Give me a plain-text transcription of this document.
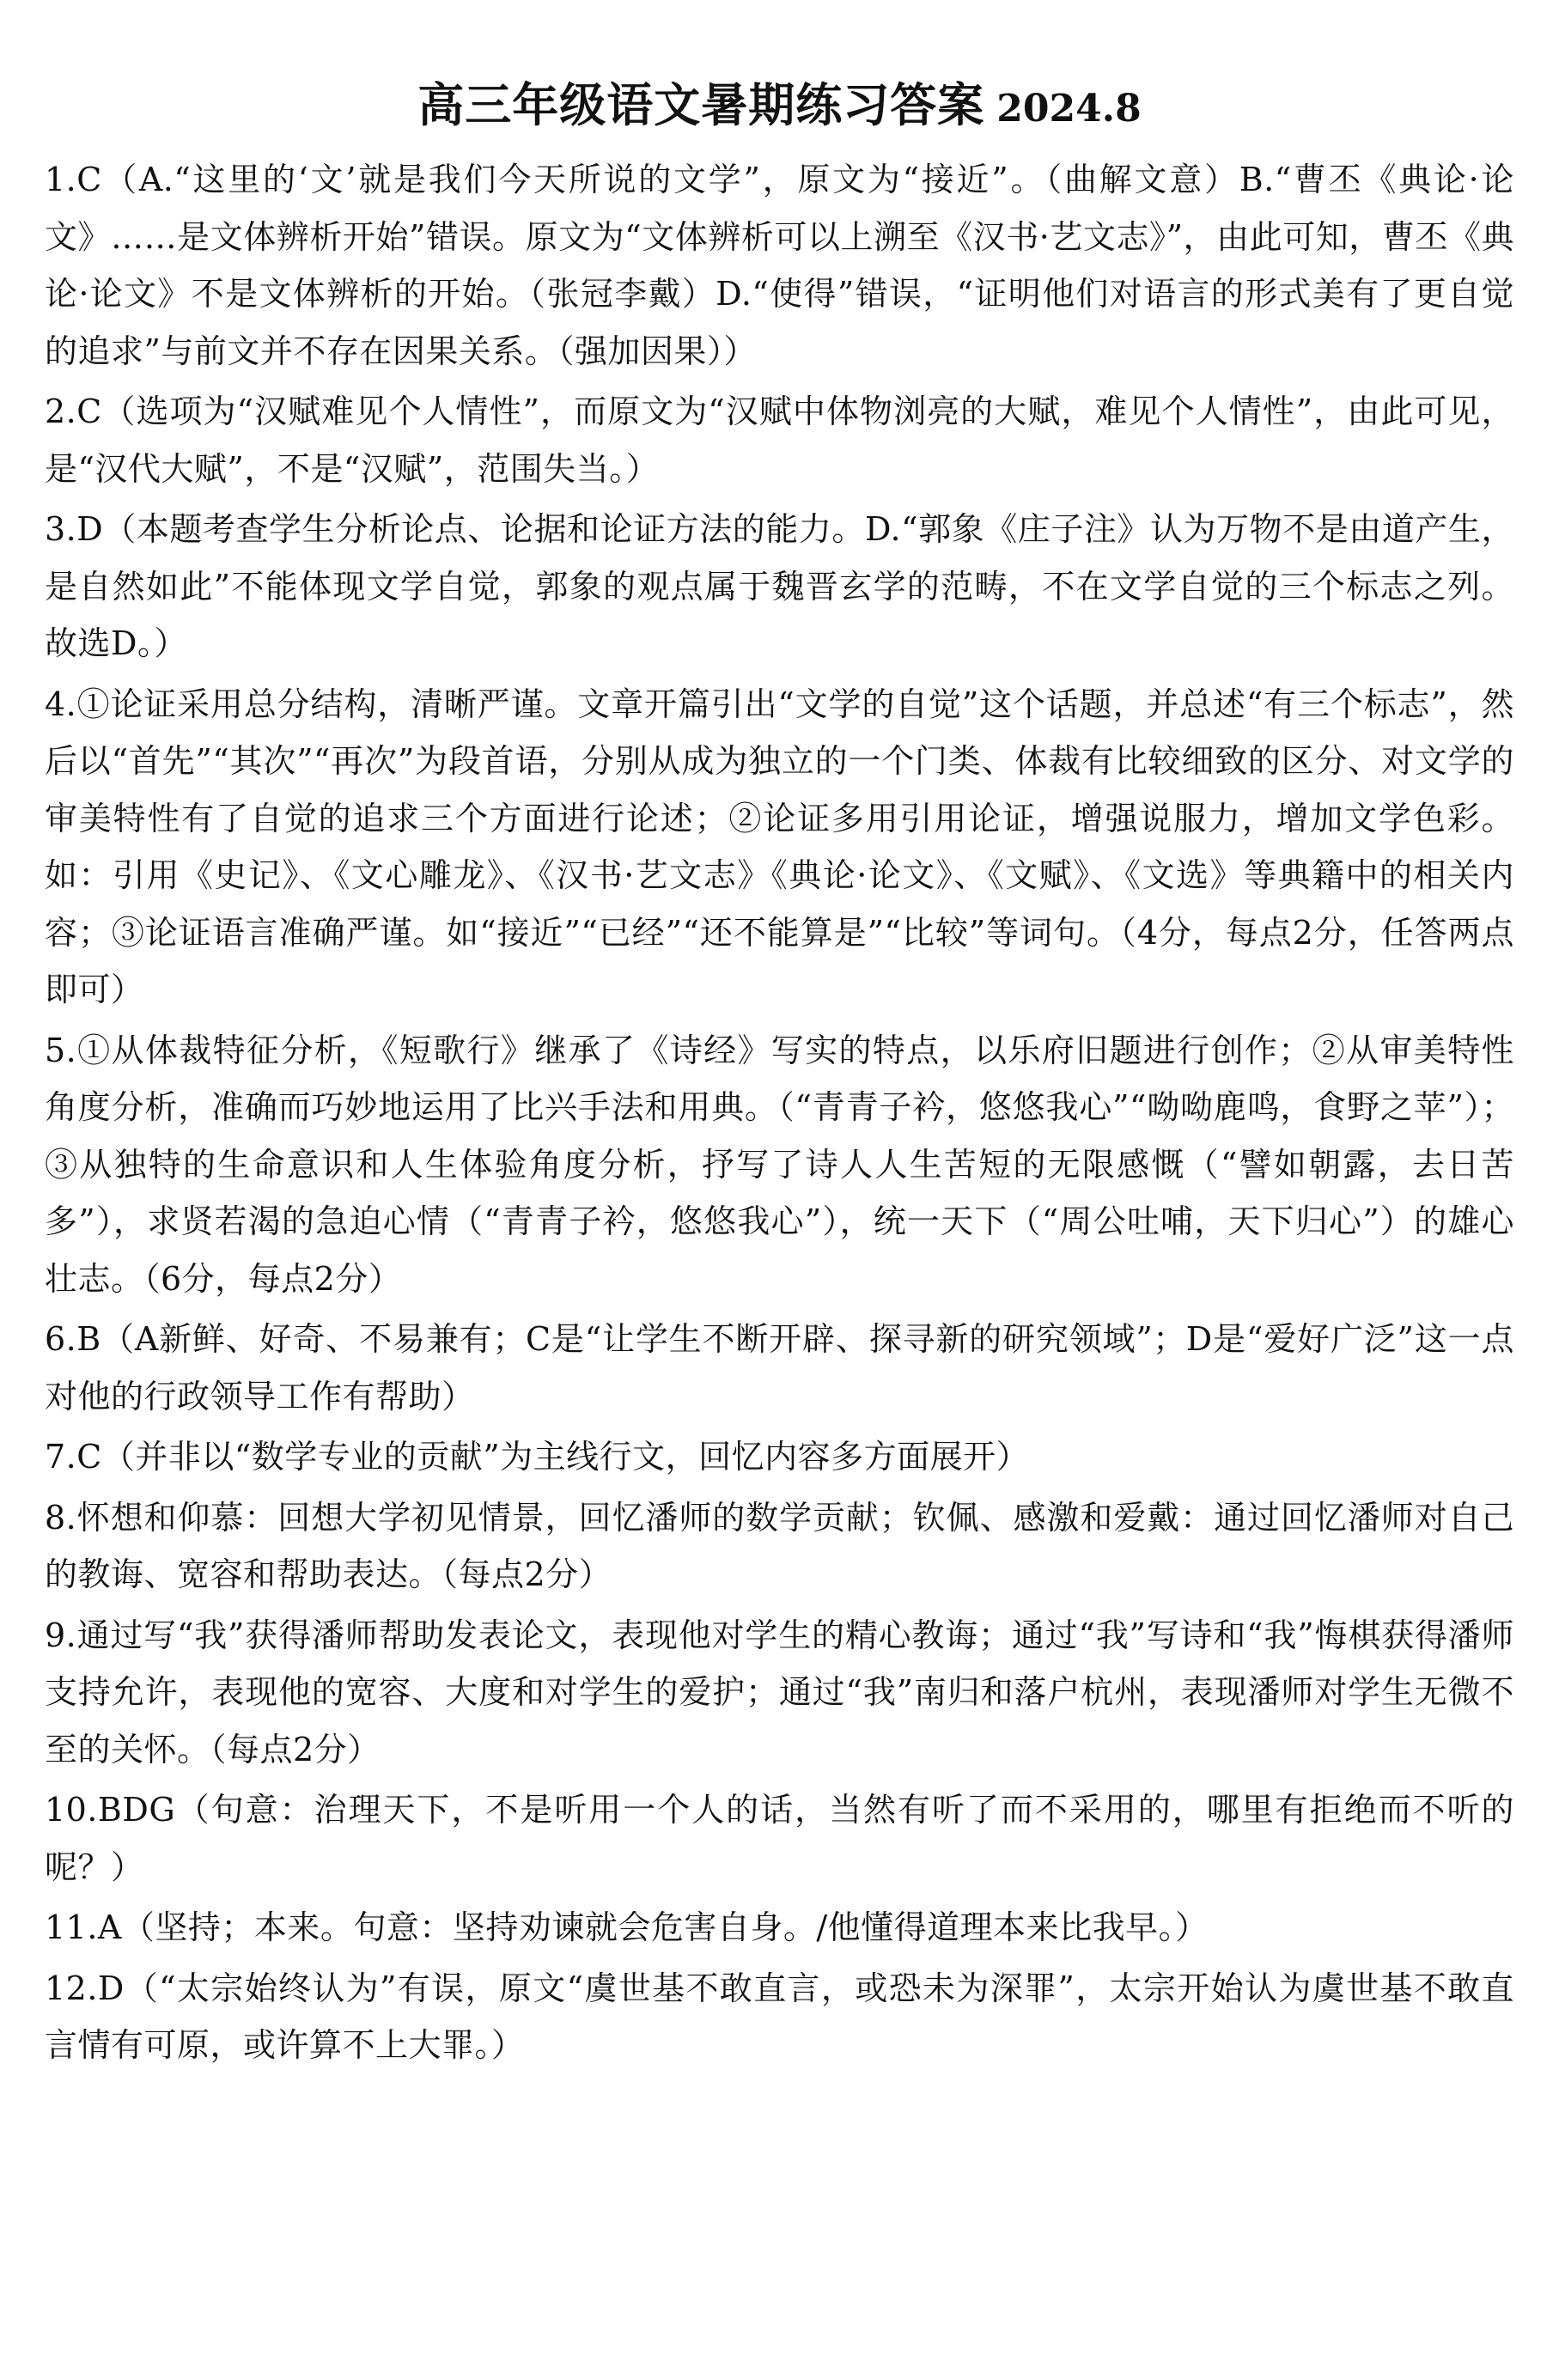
高三年级语文暑期练习答案 2024.8
1.C（A.“这里的‘文’就是我们今天所说的文学”，原文为“接近”。（曲解文意）B.“曹丕《典论·论文》……是文体辨析开始”错误。原文为“文体辨析可以上溯至《汉书·艺文志》”，由此可知，曹丕《典论·论文》不是文体辨析的开始。（张冠李戴）D.“使得”错误，“证明他们对语言的形式美有了更自觉的追求”与前文并不存在因果关系。（强加因果））
2.C（选项为“汉赋难见个人情性”，而原文为“汉赋中体物浏亮的大赋，难见个人情性”，由此可见，是“汉代大赋”，不是“汉赋”，范围失当。）
3.D（本题考查学生分析论点、论据和论证方法的能力。D.“郭象《庄子注》认为万物不是由道产生，是自然如此”不能体现文学自觉，郭象的观点属于魏晋玄学的范畴，不在文学自觉的三个标志之列。故选D。）
4.①论证采用总分结构，清晰严谨。文章开篇引出“文学的自觉”这个话题，并总述“有三个标志”，然后以“首先”“其次”“再次”为段首语，分别从成为独立的一个门类、体裁有比较细致的区分、对文学的审美特性有了自觉的追求三个方面进行论述；②论证多用引用论证，增强说服力，增加文学色彩。如：引用《史记》、《文心雕龙》、《汉书·艺文志》《典论·论文》、《文赋》、《文选》等典籍中的相关内容；③论证语言准确严谨。如“接近”“已经”“还不能算是”“比较”等词句。（4分，每点2分，任答两点即可）
5.①从体裁特征分析，《短歌行》继承了《诗经》写实的特点，以乐府旧题进行创作；②从审美特性角度分析，准确而巧妙地运用了比兴手法和用典。（“青青子衿，悠悠我心”“呦呦鹿鸣，食野之苹”）；③从独特的生命意识和人生体验角度分析，抒写了诗人人生苦短的无限感慨（“譬如朝露，去日苦多”），求贤若渴的急迫心情（“青青子衿，悠悠我心”），统一天下（“周公吐哺，天下归心”）的雄心壮志。（6分，每点2分）
6.B（A新鲜、好奇、不易兼有；C是“让学生不断开辟、探寻新的研究领域”；D是“爱好广泛”这一点对他的行政领导工作有帮助）
7.C（并非以“数学专业的贡献”为主线行文，回忆内容多方面展开）
8.怀想和仰慕：回想大学初见情景，回忆潘师的数学贡献；钦佩、感激和爱戴：通过回忆潘师对自己的教诲、宽容和帮助表达。（每点2分）
9.通过写“我”获得潘师帮助发表论文，表现他对学生的精心教诲；通过“我”写诗和“我”悔棋获得潘师支持允许，表现他的宽容、大度和对学生的爱护；通过“我”南归和落户杭州，表现潘师对学生无微不至的关怀。（每点2分）
10.BDG（句意：治理天下，不是听用一个人的话，当然有听了而不采用的，哪里有拒绝而不听的呢？）
11.A（坚持；本来。句意：坚持劝谏就会危害自身。/他懂得道理本来比我早。）
12.D（“太宗始终认为”有误，原文“虞世基不敢直言，或恐未为深罪”，太宗开始认为虞世基不敢直言情有可原，或许算不上大罪。）
